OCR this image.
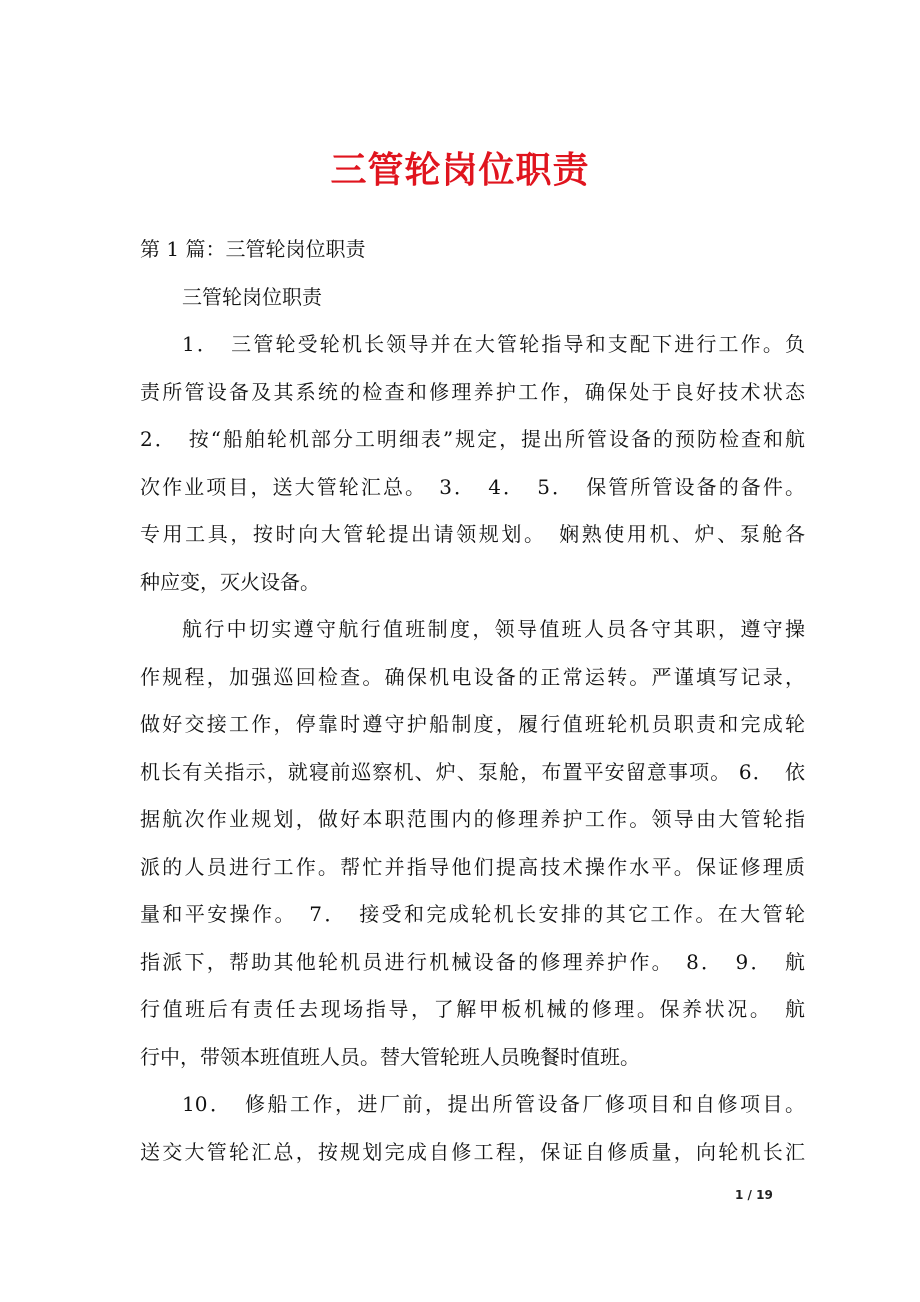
三管轮岗位职责
第 1 篇：三管轮岗位职责
三管轮岗位职责
1．　三管轮受轮机长领导并在大管轮指导和支配下进行工作。负
责所管设备及其系统的检查和修理养护工作，确保处于良好技术状态
2．　按“船舶轮机部分工明细表”规定，提出所管设备的预防检查和航
次作业项目，送大管轮汇总。　3．　4．　5．　保管所管设备的备件。
专用工具，按时向大管轮提出请领规划。　娴熟使用机、炉、泵舱各
种应变，灭火设备。
航行中切实遵守航行值班制度，领导值班人员各守其职，遵守操
作规程，加强巡回检查。确保机电设备的正常运转。严谨填写记录，
做好交接工作，停靠时遵守护船制度，履行值班轮机员职责和完成轮
机长有关指示，就寝前巡察机、炉、泵舱，布置平安留意事项。 6．　依
据航次作业规划，做好本职范围内的修理养护工作。领导由大管轮指
派的人员进行工作。帮忙并指导他们提高技术操作水平。保证修理质
量和平安操作。　7．　接受和完成轮机长安排的其它工作。在大管轮
指派下，帮助其他轮机员进行机械设备的修理养护作。　8．　9．　航
行值班后有责任去现场指导，了解甲板机械的修理。保养状况。　航
行中，带领本班值班人员。替大管轮班人员晚餐时值班。
10．　修船工作，进厂前，提出所管设备厂修项目和自修项目。
送交大管轮汇总，按规划完成自修工程，保证自修质量，向轮机长汇
1 / 19
